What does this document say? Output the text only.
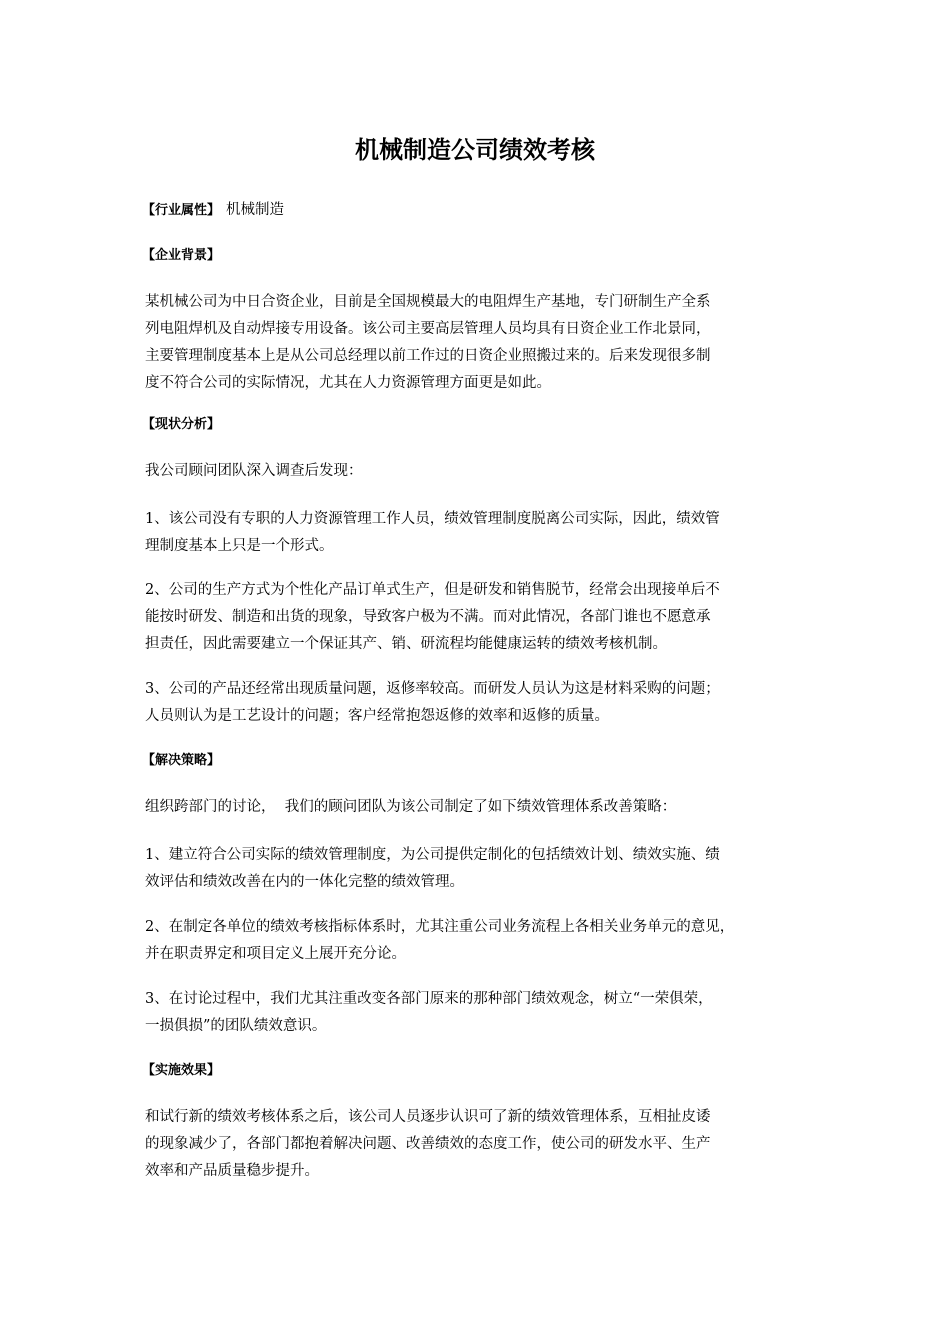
机械制造公司绩效考核
【行业属性】 机械制造
【企业背景】
某机械公司为中日合资企业，目前是全国规模最大的电阻焊生产基地，专门研制生产全系
列电阻焊机及自动焊接专用设备。该公司主要高层管理人员均具有日资企业工作北景同，
主要管理制度基本上是从公司总经理以前工作过的日资企业照搬过来的。后来发现很多制
度不符合公司的实际情况，尤其在人力资源管理方面更是如此。
【现状分析】
我公司顾问团队深入调查后发现：
1、该公司没有专职的人力资源管理工作人员，绩效管理制度脱离公司实际，因此，绩效管
理制度基本上只是一个形式。
2、公司的生产方式为个性化产品订单式生产，但是研发和销售脱节，经常会出现接单后不
能按时研发、制造和出货的现象，导致客户极为不满。而对此情况，各部门谁也不愿意承
担责任，因此需要建立一个保证其产、销、研流程均能健康运转的绩效考核机制。
3、公司的产品还经常出现质量问题，返修率较高。而研发人员认为这是材料采购的问题；
人员则认为是工艺设计的问题；客户经常抱怨返修的效率和返修的质量。
【解决策略】
组织跨部门的讨论，  我们的顾问团队为该公司制定了如下绩效管理体系改善策略：
1、建立符合公司实际的绩效管理制度，为公司提供定制化的包括绩效计划、绩效实施、绩
效评估和绩效改善在内的一体化完整的绩效管理。
2、在制定各单位的绩效考核指标体系时，尤其注重公司业务流程上各相关业务单元的意见，
并在职责界定和项目定义上展开充分论。
3、在讨论过程中，我们尤其注重改变各部门原来的那种部门绩效观念，树立“一荣俱荣，
一损俱损”的团队绩效意识。
【实施效果】
和试行新的绩效考核体系之后，该公司人员逐步认识可了新的绩效管理体系，互相扯皮诿
的现象减少了，各部门都抱着解决问题、改善绩效的态度工作，使公司的研发水平、生产
效率和产品质量稳步提升。
